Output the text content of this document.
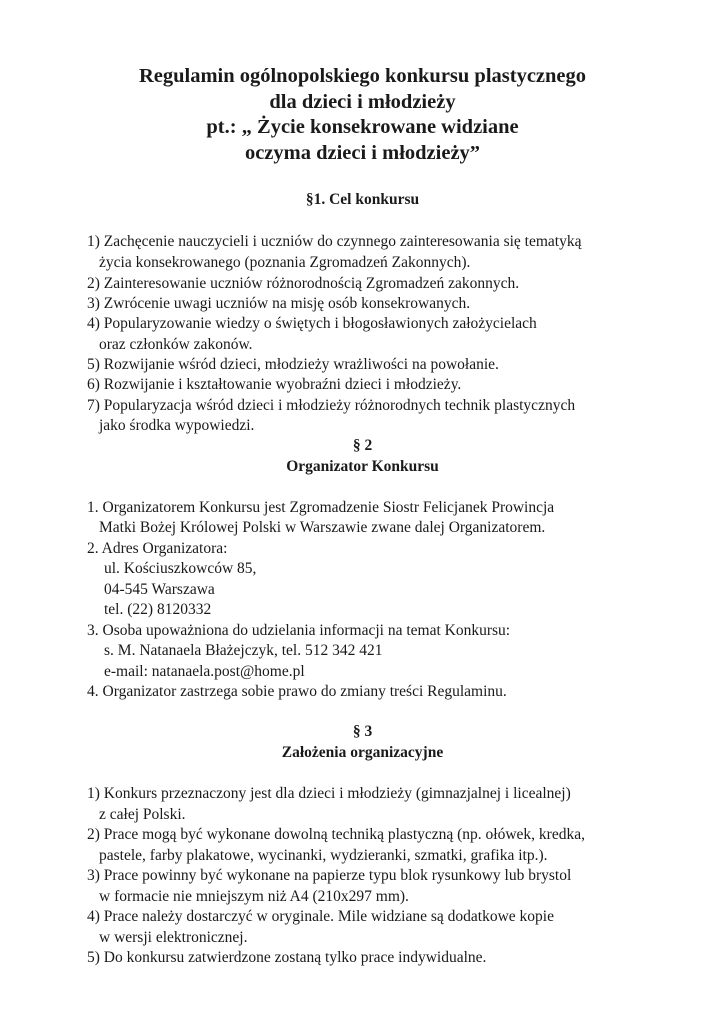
Regulamin ogólnopolskiego konkursu plastycznego
dla dzieci i młodzieży
pt.: „ Życie konsekrowane widziane
oczyma dzieci i młodzieży”
§1. Cel konkursu
1) Zachęcenie nauczycieli i uczniów do czynnego zainteresowania się tematyką
życia konsekrowanego (poznania Zgromadzeń Zakonnych).
2) Zainteresowanie uczniów różnorodnością Zgromadzeń zakonnych.
3) Zwrócenie uwagi uczniów na misję osób konsekrowanych.
4) Popularyzowanie wiedzy o świętych i błogosławionych założycielach
oraz członków zakonów.
5) Rozwijanie wśród dzieci, młodzieży wrażliwości na powołanie.
6) Rozwijanie i kształtowanie wyobraźni dzieci i młodzieży.
7) Popularyzacja wśród dzieci i młodzieży różnorodnych technik plastycznych
jako środka wypowiedzi.
§ 2
Organizator Konkursu
1. Organizatorem Konkursu jest Zgromadzenie Siostr Felicjanek Prowincja
Matki Bożej Królowej Polski w Warszawie zwane dalej Organizatorem.
2. Adres Organizatora:
ul. Kościuszkowców 85,
04-545 Warszawa
tel. (22) 8120332
3. Osoba upoważniona do udzielania informacji na temat Konkursu:
s. M. Natanaela Błażejczyk, tel. 512 342 421
e-mail: natanaela.post@home.pl
4. Organizator zastrzega sobie prawo do zmiany treści Regulaminu.
§ 3
Założenia organizacyjne
1) Konkurs przeznaczony jest dla dzieci i młodzieży (gimnazjalnej i licealnej)
z całej Polski.
2) Prace mogą być wykonane dowolną techniką plastyczną (np. ołówek, kredka,
pastele, farby plakatowe, wycinanki, wydzieranki, szmatki, grafika itp.).
3) Prace powinny być wykonane na papierze typu blok rysunkowy lub brystol
w formacie nie mniejszym niż A4 (210x297 mm).
4) Prace należy dostarczyć w oryginale. Mile widziane są dodatkowe kopie
w wersji elektronicznej.
5) Do konkursu zatwierdzone zostaną tylko prace indywidualne.
